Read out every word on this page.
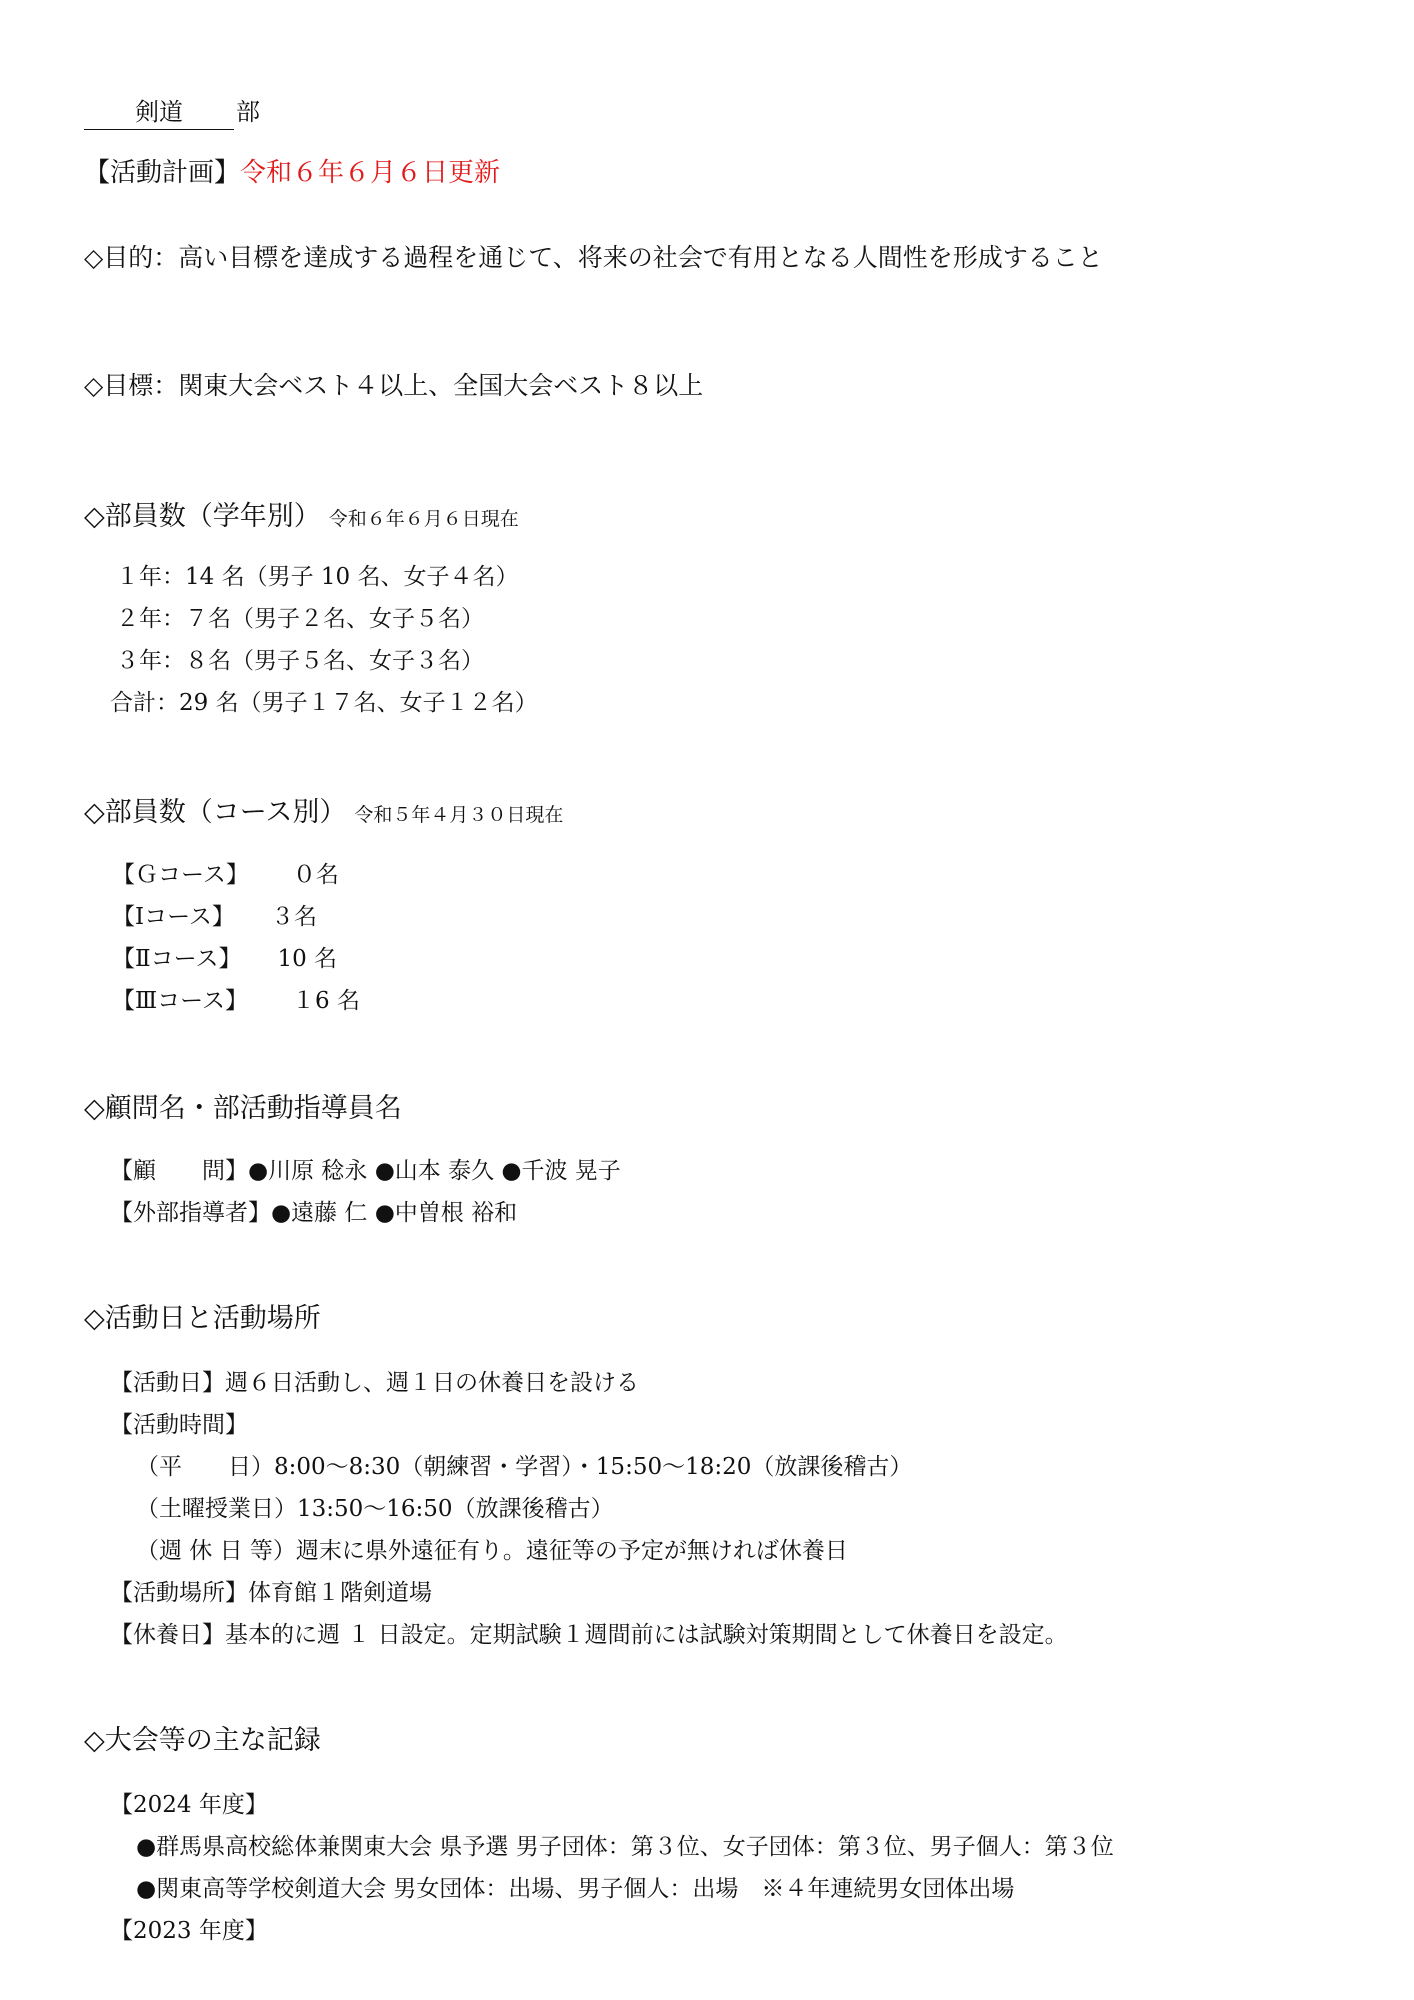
剣道 部
【活動計画】令和６年６月６日更新
◇目的：高い目標を達成する過程を通じて、将来の社会で有用となる人間性を形成すること
◇目標：関東大会ベスト４以上、全国大会ベスト８以上
◇部員数（学年別） 令和６年６月６日現在
１年：14 名（男子 10 名、女子４名）
２年：７名（男子２名、女子５名）
３年：８名（男子５名、女子３名）
合計：29 名（男子１７名、女子１２名）
◇部員数（コース別） 令和５年４月３０日現在
【Ｇコース】 ０名
【Ⅰコース】 ３名
【Ⅱコース】 10 名
【Ⅲコース】 １6 名
◇顧問名・部活動指導員名
【顧　　問】●川原 稔永 ●山本 泰久 ●千波 晃子
【外部指導者】●遠藤 仁 ●中曽根 裕和
◇活動日と活動場所
【活動日】週６日活動し、週１日の休養日を設ける
【活動時間】
（平　　日）8:00～8:30（朝練習・学習）・15:50～18:20（放課後稽古）
（土曜授業日）13:50～16:50（放課後稽古）
（週 休 日 等）週末に県外遠征有り。遠征等の予定が無ければ休養日
【活動場所】体育館１階剣道場
【休養日】基本的に週 １ 日設定。定期試験１週間前には試験対策期間として休養日を設定。
◇大会等の主な記録
【2024 年度】
●群馬県高校総体兼関東大会 県予選 男子団体：第３位、女子団体：第３位、男子個人：第３位
●関東高等学校剣道大会 男女団体：出場、男子個人：出場　※４年連続男女団体出場
【2023 年度】
